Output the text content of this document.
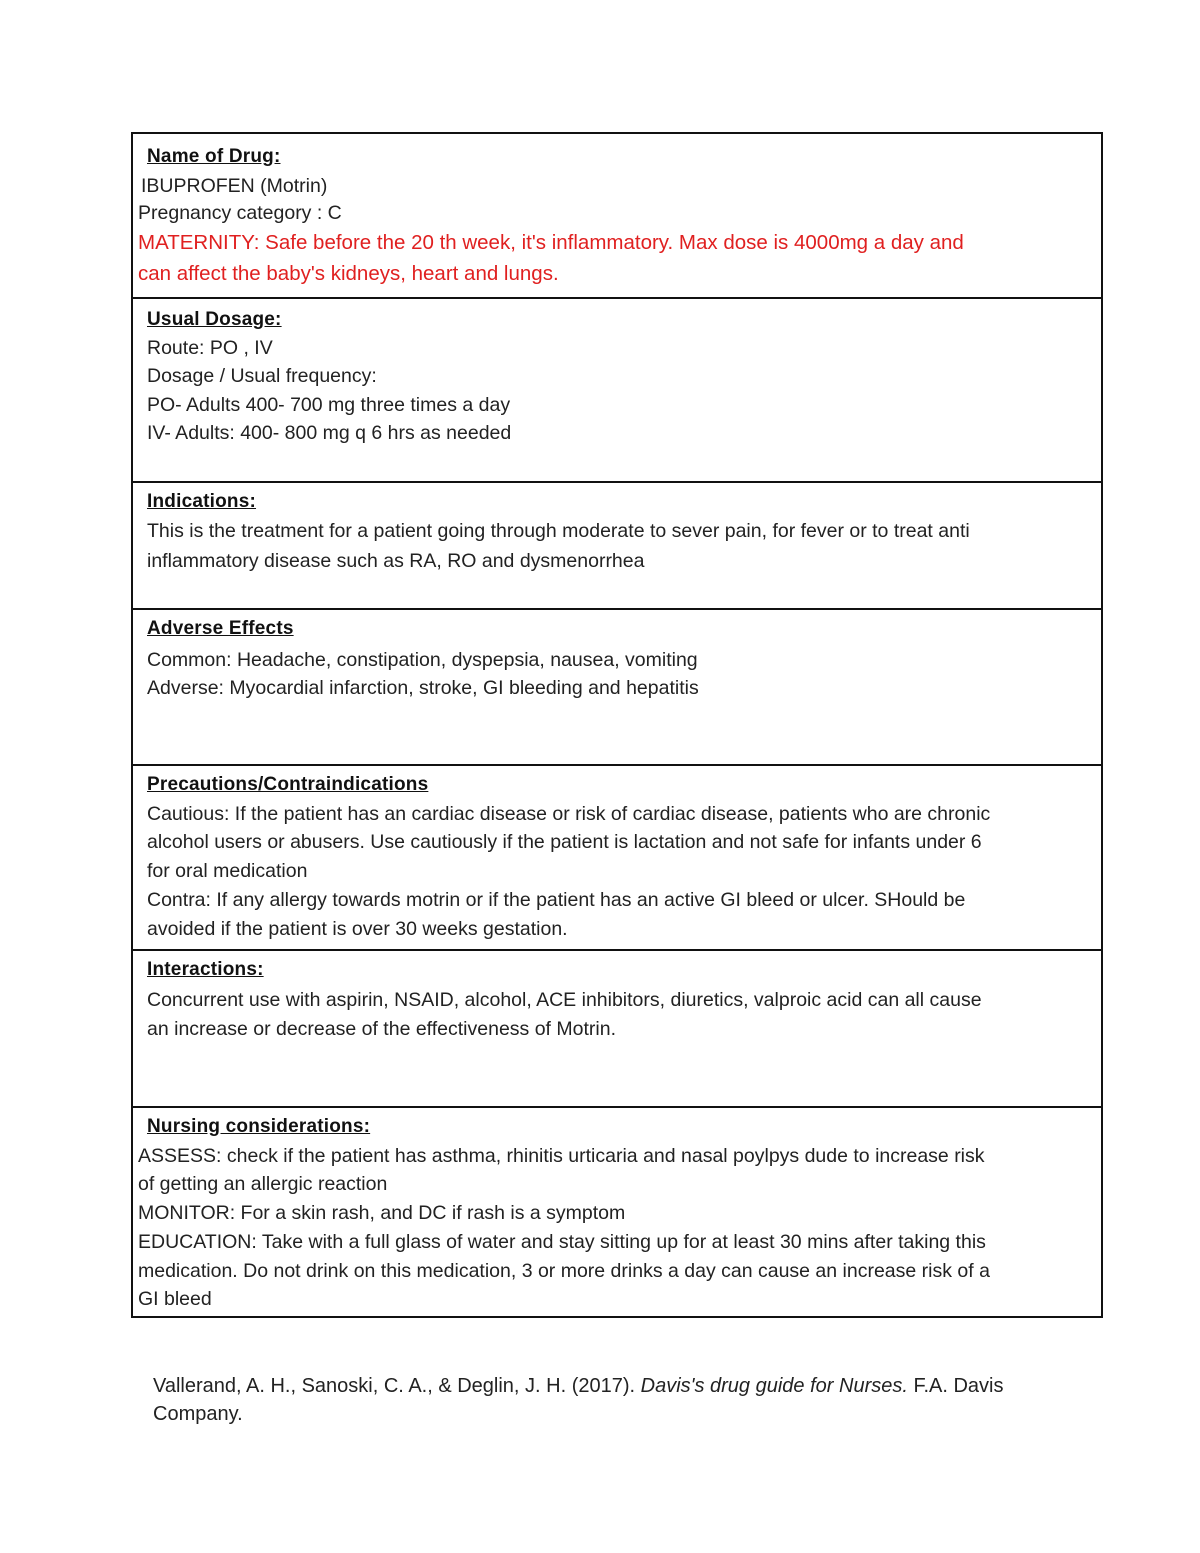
Name of Drug:
IBUPROFEN (Motrin)
Pregnancy category : C
MATERNITY: Safe before the 20 th week, it's inflammatory. Max dose is 4000mg a day and
can affect the baby's kidneys, heart and lungs.
Usual Dosage:
Route: PO , IV
Dosage / Usual frequency:
PO- Adults 400- 700 mg three times a day
IV- Adults: 400- 800 mg q 6 hrs as needed
Indications:
This is the treatment for a patient going through moderate to sever pain, for fever or to treat anti
inflammatory disease such as RA, RO and dysmenorrhea
Adverse Effects
Common: Headache, constipation, dyspepsia, nausea, vomiting
Adverse: Myocardial infarction, stroke, GI bleeding and hepatitis
Precautions/Contraindications
Cautious: If the patient has an cardiac disease or risk of cardiac disease, patients who are chronic
alcohol users or abusers. Use cautiously if the patient is lactation and not safe for infants under 6
for oral medication
Contra: If any allergy towards motrin or if the patient has an active GI bleed or ulcer. SHould be
avoided if the patient is over 30 weeks gestation.
Interactions:
Concurrent use with aspirin, NSAID, alcohol, ACE inhibitors, diuretics, valproic acid can all cause
an increase or decrease of the effectiveness of Motrin.
Nursing considerations:
ASSESS: check if the patient has asthma, rhinitis urticaria and nasal poylpys dude to increase risk
of getting an allergic reaction
MONITOR: For a skin rash, and DC if rash is a symptom
EDUCATION: Take with a full glass of water and stay sitting up for at least 30 mins after taking this
medication. Do not drink on this medication, 3 or more drinks a day can cause an increase risk of a
GI bleed
Vallerand, A. H., Sanoski, C. A., & Deglin, J. H. (2017). Davis's drug guide for Nurses. F.A. Davis
Company.
